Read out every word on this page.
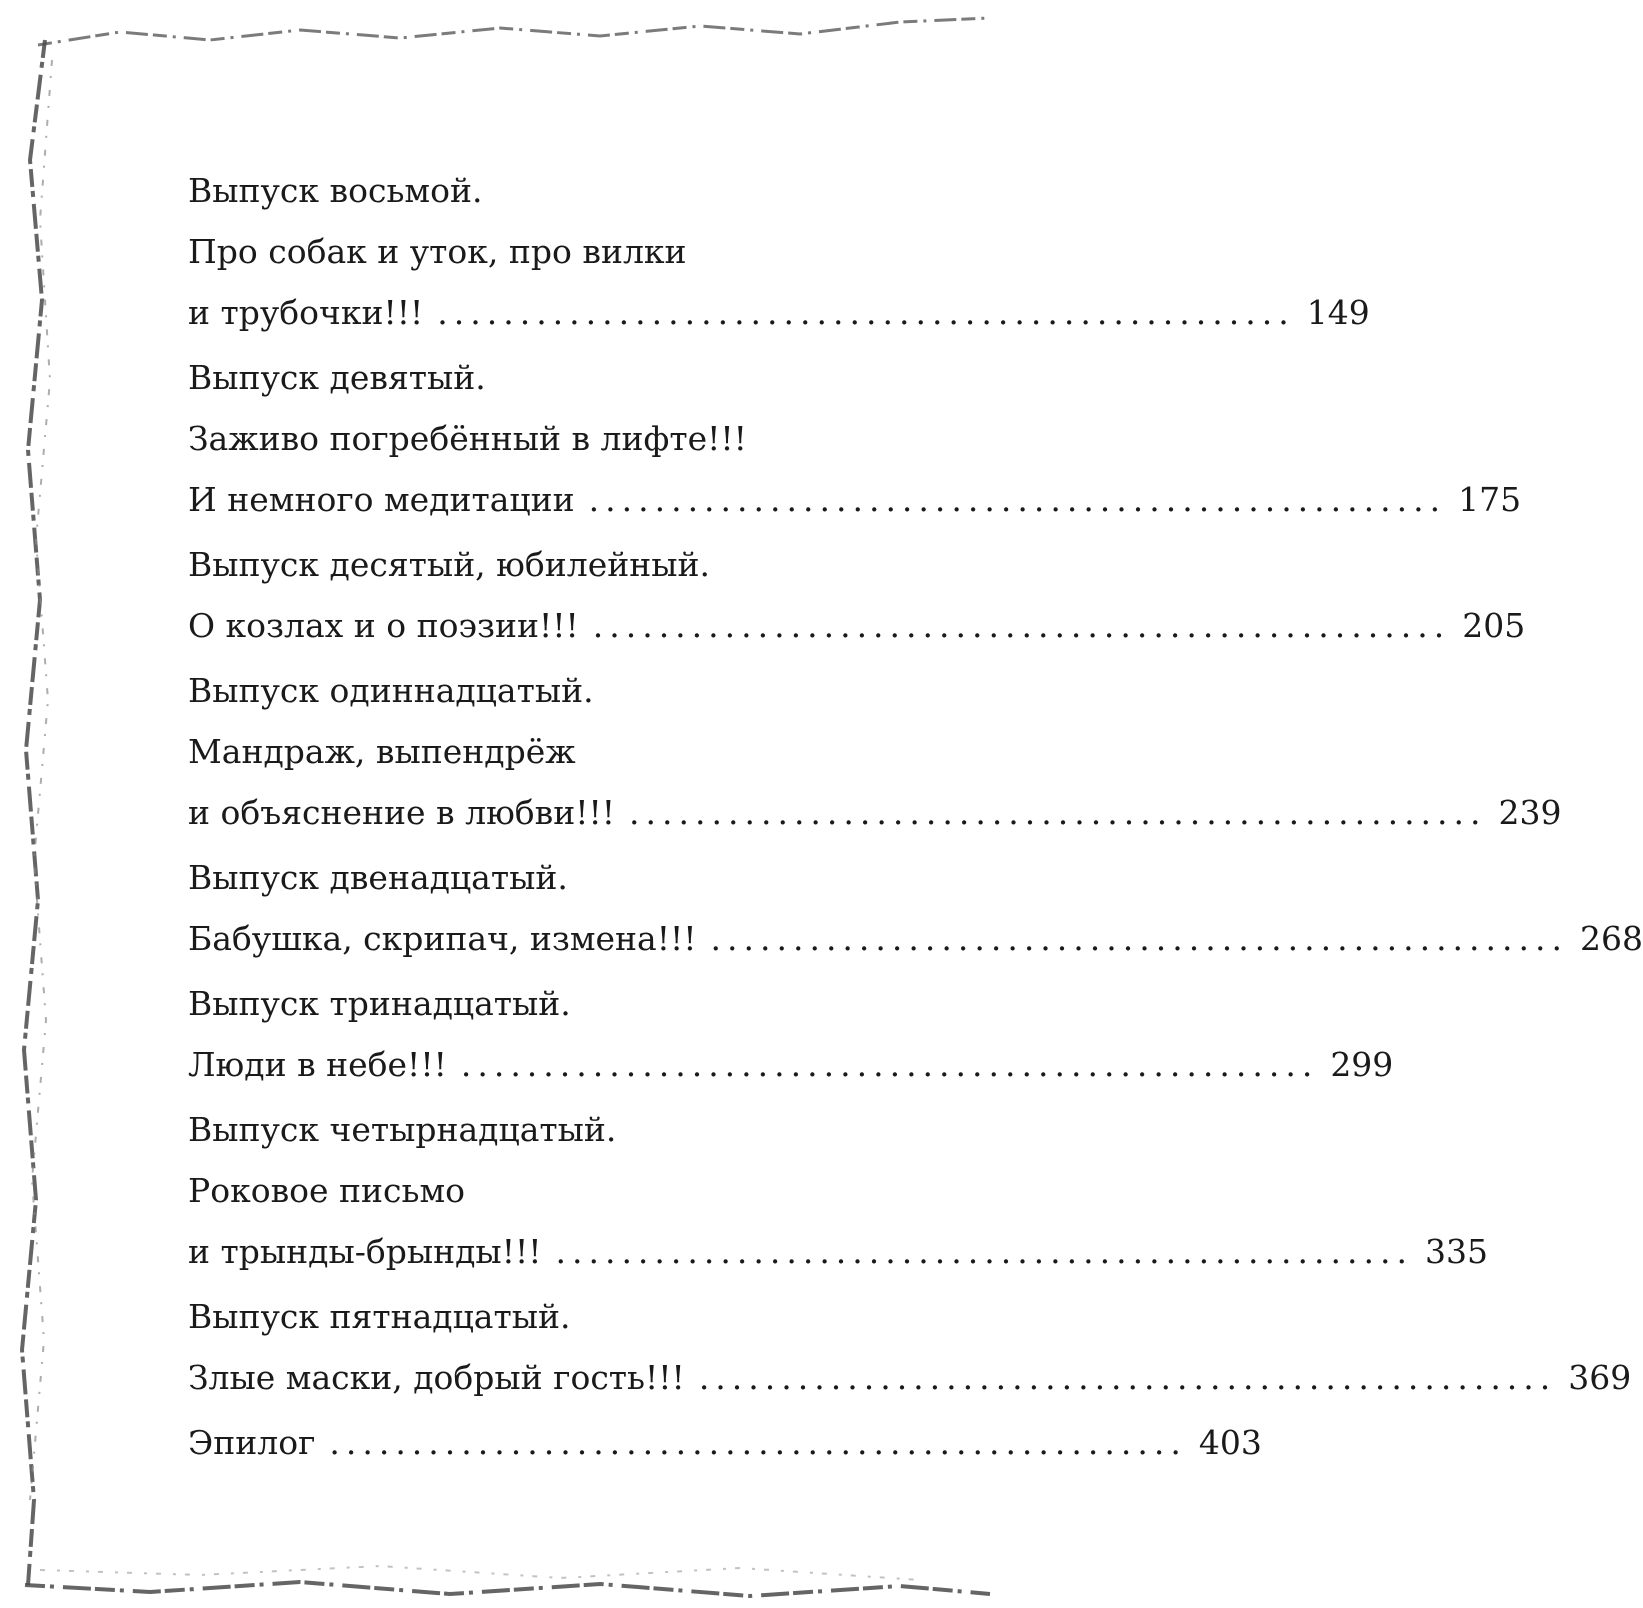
Выпуск восьмой.
Про собак и уток, про вилки
и трубочки!!! .................................................... 149
Выпуск девятый.
Заживо погребённый в лифте!!!
И немного медитации .................................................... 175
Выпуск десятый, юбилейный.
О козлах и о поэзии!!! .................................................... 205
Выпуск одиннадцатый.
Мандраж, выпендрёж
и объяснение в любви!!! .................................................... 239
Выпуск двенадцатый.
Бабушка, скрипач, измена!!! .................................................... 268
Выпуск тринадцатый.
Люди в небе!!! .................................................... 299
Выпуск четырнадцатый.
Роковое письмо
и трынды-брынды!!! .................................................... 335
Выпуск пятнадцатый.
Злые маски, добрый гость!!! .................................................... 369
Эпилог .................................................... 403
